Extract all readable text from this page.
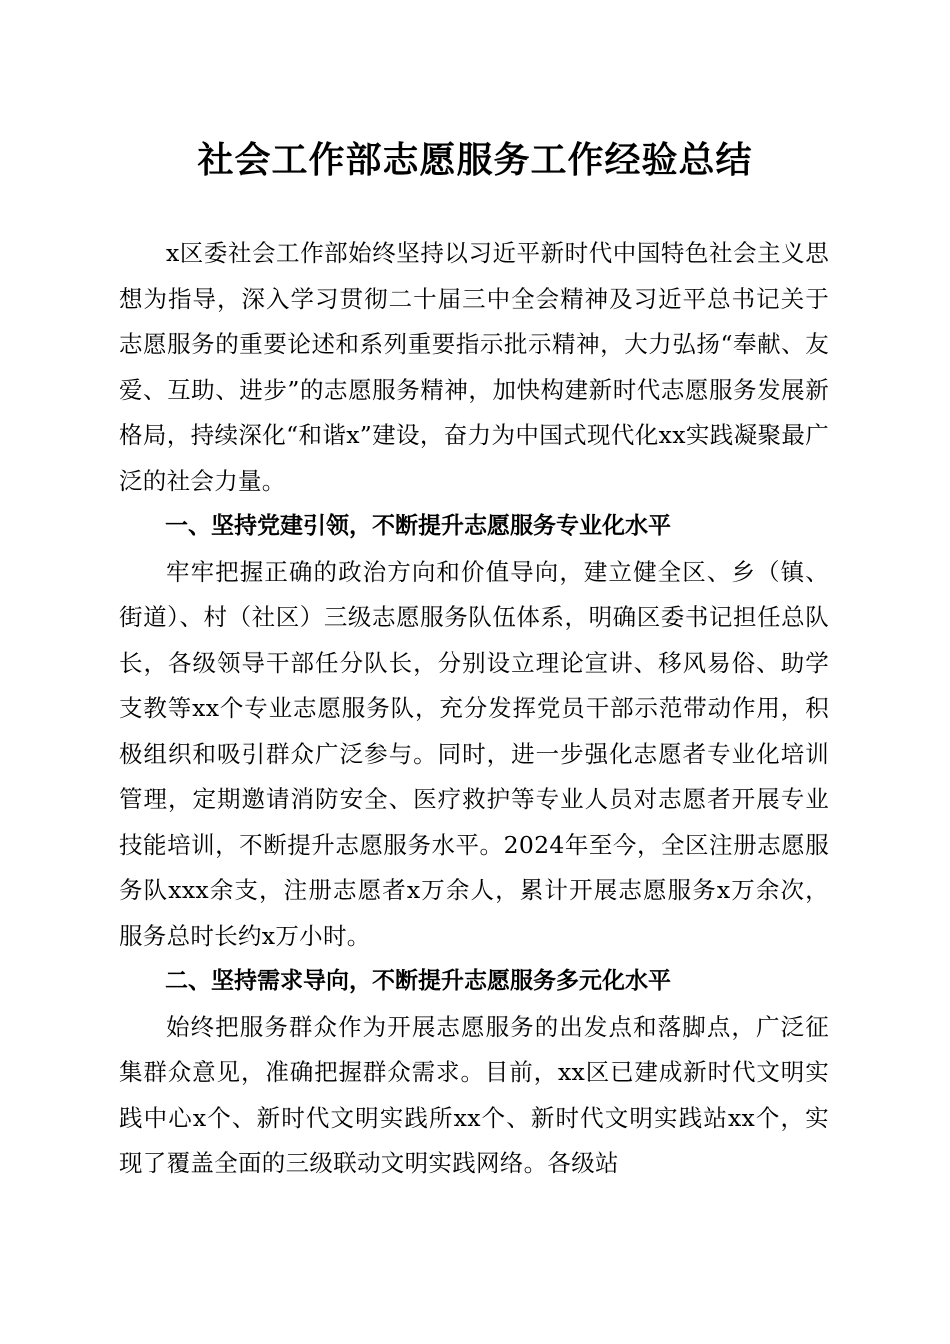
社会工作部志愿服务工作经验总结

x区委社会工作部始终坚持以习近平新时代中国特色社会主义思想为指导，深入学习贯彻二十届三中全会精神及习近平总书记关于志愿服务的重要论述和系列重要指示批示精神，大力弘扬“奉献、友爱、互助、进步”的志愿服务精神，加快构建新时代志愿服务发展新格局，持续深化“和谐x”建设，奋力为中国式现代化xx实践凝聚最广泛的社会力量。

一、坚持党建引领，不断提升志愿服务专业化水平

牢牢把握正确的政治方向和价值导向，建立健全区、乡（镇、街道）、村（社区）三级志愿服务队伍体系，明确区委书记担任总队长，各级领导干部任分队长，分别设立理论宣讲、移风易俗、助学支教等xx个专业志愿服务队，充分发挥党员干部示范带动作用，积极组织和吸引群众广泛参与。同时，进一步强化志愿者专业化培训管理，定期邀请消防安全、医疗救护等专业人员对志愿者开展专业技能培训，不断提升志愿服务水平。2024年至今，全区注册志愿服务队xxx余支，注册志愿者x万余人，累计开展志愿服务x万余次，服务总时长约x万小时。

二、坚持需求导向，不断提升志愿服务多元化水平

始终把服务群众作为开展志愿服务的出发点和落脚点，广泛征集群众意见，准确把握群众需求。目前，xx区已建成新时代文明实践中心x个、新时代文明实践所xx个、新时代文明实践站xx个，实现了覆盖全面的三级联动文明实践网络。各级站
